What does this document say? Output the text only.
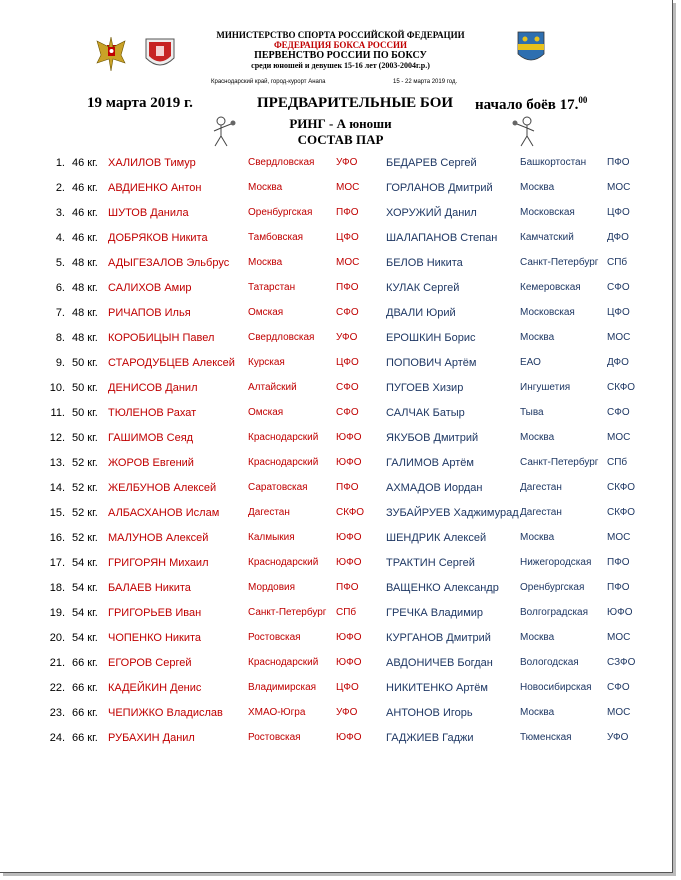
МИНИСТЕРСТВО СПОРТА РОССИЙСКОЙ ФЕДЕРАЦИИ
ФЕДЕРАЦИЯ БОКСА РОССИИ
ПЕРВЕНСТВО РОССИИ ПО БОКСУ
среди юношей и девушек 15-16 лет (2003-2004г.р.)
Краснодарский край, город-курорт Анапа	15 - 22 марта 2019 год.
19 марта 2019 г.	ПРЕДВАРИТЕЛЬНЫЕ БОИ начало боёв 17.00
РИНГ - А юноши
СОСТАВ ПАР
1. 46 кг. ХАЛИЛОВ Тимур	Свердловская УФО	БЕДАРЕВ Сергей	Башкортостан ПФО
2. 46 кг. АВДИЕНКО Антон	Москва	МОС ГОРЛАНОВ Дмитрий	Москва	МОС
3. 46 кг. ШУТОВ Данила	Оренбургская ПФО ХОРУЖИЙ Данил	Московская	ЦФО
4. 46 кг. ДОБРЯКОВ Никита	Тамбовская	ЦФО ШАЛАПАНОВ Степан Камчатский	ДФО
5. 48 кг. АДЫГЕЗАЛОВ Эльбрус Москва	МОС БЕЛОВ Никита	Санкт-Петербург СПб
6. 48 кг. САЛИХОВ Амир	Татарстан	ПФО КУЛАК Сергей	Кемеровская	СФО
7. 48 кг. РИЧАПОВ Илья	Омская	СФО ДВАЛИ Юрий	Московская	ЦФО
8. 48 кг. КОРОБИЦЫН Павел	Свердловская УФО	ЕРОШКИН Борис	Москва	МОС
9. 50 кг. СТАРОДУБЦЕВ Алексей Курская	ЦФО ПОПОВИЧ Артём	ЕАО	ДФО
10. 50 кг. ДЕНИСОВ Данил	Алтайский	СФО ПУГОЕВ Хизир	Ингушетия	СКФО
11. 50 кг. ТЮЛЕНОВ Рахат	Омская	СФО САЛЧАК Батыр	Тыва	СФО
12. 50 кг. ГАШИМОВ Сеяд	Краснодарский ЮФО ЯКУБОВ Дмитрий	Москва	МОС
13. 52 кг. ЖОРОВ Евгений	Краснодарский ЮФО ГАЛИМОВ Артём	Санкт-Петербург СПб
14. 52 кг. ЖЕЛБУНОВ Алексей	Саратовская	ПФО АХМАДОВ Иордан	Дагестан	СКФО
15. 52 кг. АЛБАСХАНОВ Ислам	Дагестан	СКФО ЗУБАЙРУЕВ Хаджимурад Дагестан	СКФО
16. 52 кг. МАЛУНОВ Алексей	Калмыкия	ЮФО ШЕНДРИК Алексей	Москва	МОС
17. 54 кг. ГРИГОРЯН Михаил	Краснодарский ЮФО ТРАКТИН Сергей	Нижегородская ПФО
18. 54 кг. БАЛАЕВ Никита	Мордовия	ПФО ВАЩЕНКО Александр Оренбургская ПФО
19. 54 кг. ГРИГОРЬЕВ Иван	Санкт-Петербург СПб	ГРЕЧКА Владимир	Волгоградская ЮФО
20. 54 кг. ЧОПЕНКО Никита	Ростовская	ЮФО КУРГАНОВ Дмитрий	Москва	МОС
21. 66 кг. ЕГОРОВ Сергей	Краснодарский ЮФО АВДОНИЧЕВ Богдан	Вологодская	СЗФО
22. 66 кг. КАДЕЙКИН Денис	Владимирская ЦФО НИКИТЕНКО Артём	Новосибирская СФО
23. 66 кг. ЧЕПИЖКО Владислав	ХМАО-Югра	УФО	АНТОНОВ Игорь	Москва	МОС
24. 66 кг. РУБАХИН Данил	Ростовская	ЮФО ГАДЖИЕВ Гаджи	Тюменская	УФО
